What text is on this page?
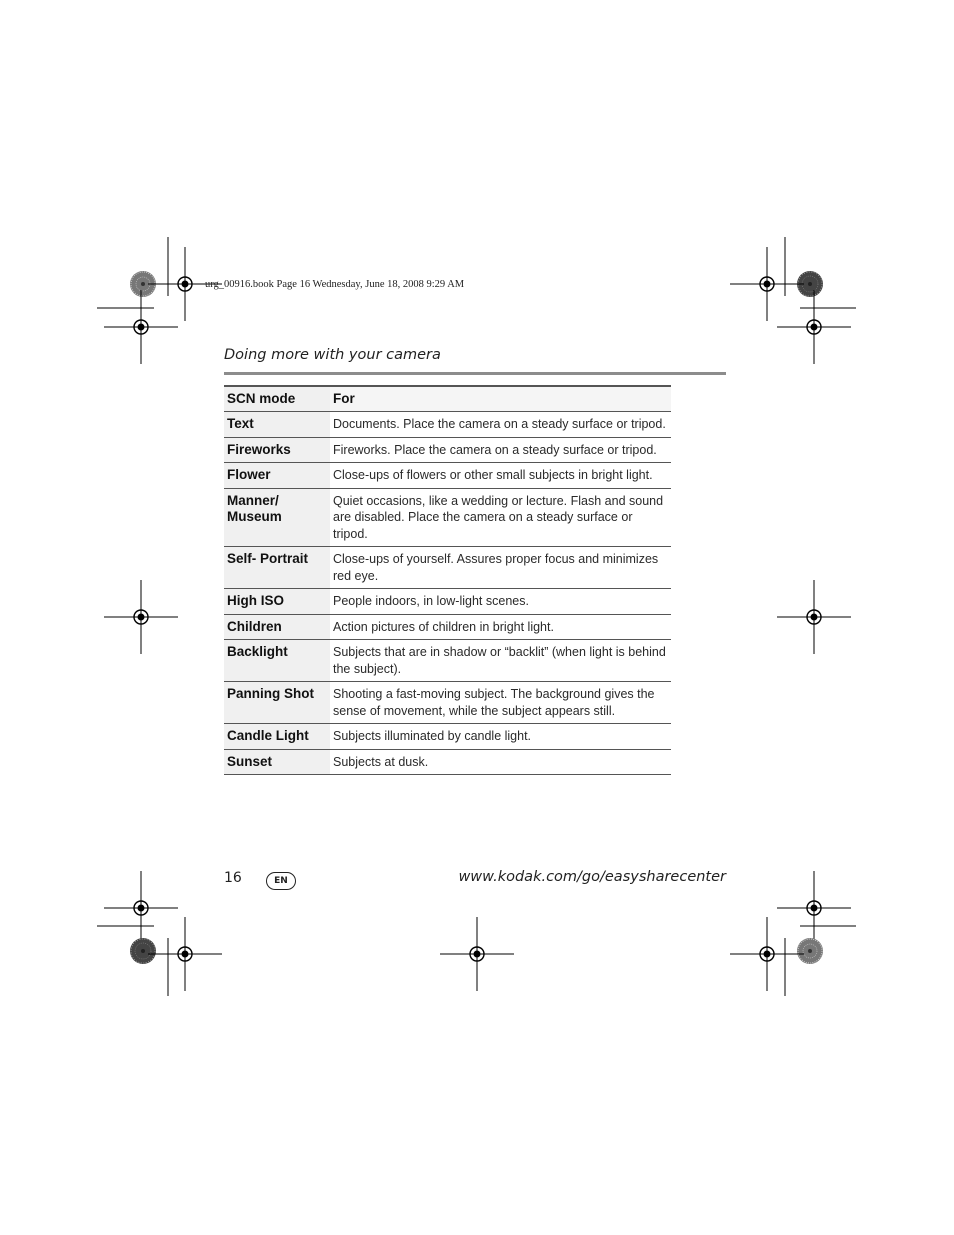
urg_00916.book Page 16 Wednesday, June 18, 2008 9:29 AM
Doing more with your camera
SCN mode	For
Text	Documents. Place the camera on a steady surface or tripod.
Fireworks	Fireworks. Place the camera on a steady surface or tripod.
Flower	Close-ups of flowers or other small subjects in bright light.
Manner/ Museum	Quiet occasions, like a wedding or lecture. Flash and sound are disabled. Place the camera on a steady surface or tripod.
Self- Portrait	Close-ups of yourself. Assures proper focus and minimizes red eye.
High ISO	People indoors, in low-light scenes.
Children	Action pictures of children in bright light.
Backlight	Subjects that are in shadow or “backlit” (when light is behind the subject).
Panning Shot	Shooting a fast-moving subject. The background gives the sense of movement, while the subject appears still.
Candle Light	Subjects illuminated by candle light.
Sunset	Subjects at dusk.
16	EN	www.kodak.com/go/easysharecenter
